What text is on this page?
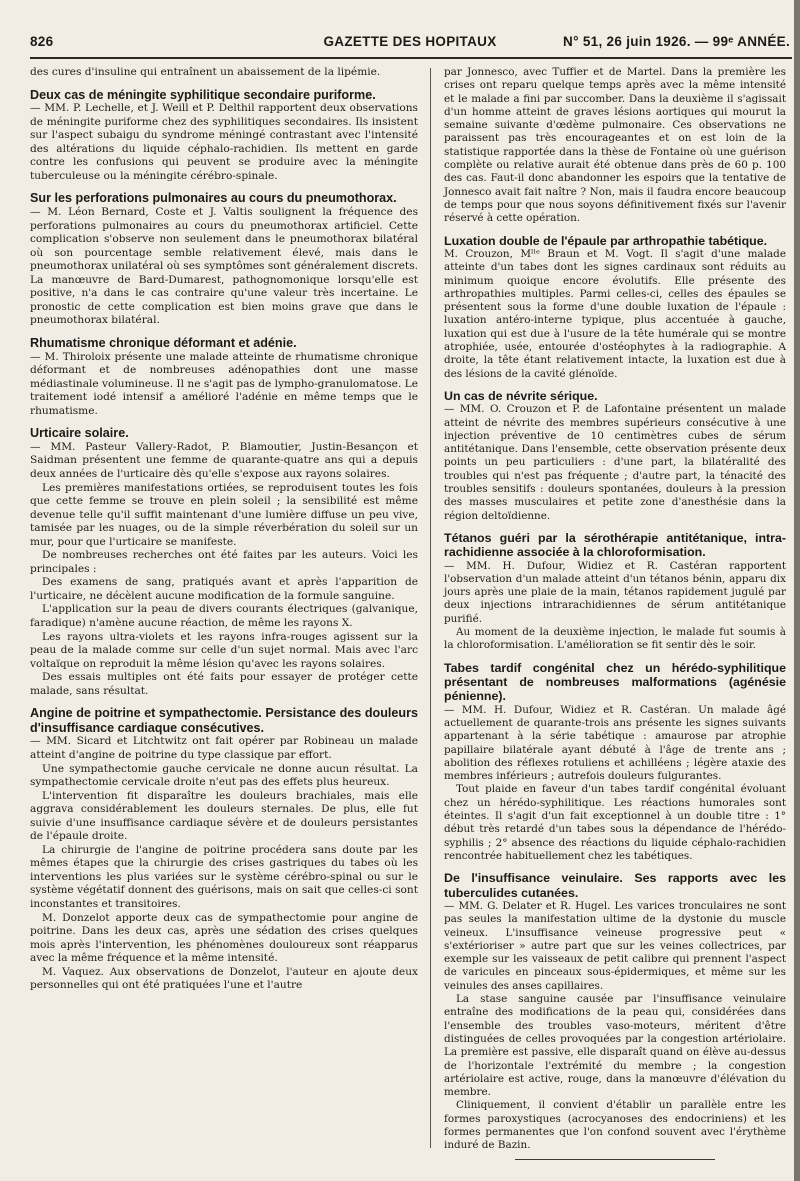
826	GAZETTE DES HOPITAUX	N° 51, 26 juin 1926. — 99ᵉ ANNÉE.

des cures d'insuline qui entraînent un abaissement de la lipémie.

Deux cas de méningite syphilitique secondaire puriforme.

— MM. P. Lechelle, et J. Weill et P. Delthil rapportent deux observations de méningite puriforme chez des syphilitiques secondaires. Ils insistent sur l'aspect subaigu du syndrome méningé contrastant avec l'intensité des altérations du liquide céphalo-rachidien. Ils mettent en garde contre les confusions qui peuvent se produire avec la méningite tuberculeuse ou la méningite cérébro-spinale.

Sur les perforations pulmonaires au cours du pneumothorax.

— M. Léon Bernard, Coste et J. Valtis soulignent la fréquence des perforations pulmonaires au cours du pneumothorax artificiel. Cette complication s'observe non seulement dans le pneumothorax bilatéral où son pourcentage semble relativement élevé, mais dans le pneumothorax unilatéral où ses symptômes sont généralement discrets. La manœuvre de Bard-Dumarest, pathognomonique lorsqu'elle est positive, n'a dans le cas contraire qu'une valeur très incertaine. Le pronostic de cette complication est bien moins grave que dans le pneumothorax bilatéral.

Rhumatisme chronique déformant et adénie.

— M. Thiroloix présente une malade atteinte de rhumatisme chronique déformant et de nombreuses adénopathies dont une masse médiastinale volumineuse. Il ne s'agit pas de lympho-granulomatose. Le traitement iodé intensif a amélioré l'adénie en même temps que le rhumatisme.

Urticaire solaire.

— MM. Pasteur Vallery-Radot, P. Blamoutier, Justin-Besançon et Saidman présentent une femme de quarante-quatre ans qui a depuis deux années de l'urticaire dès qu'elle s'expose aux rayons solaires.

Les premières manifestations ortiées, se reproduisent toutes les fois que cette femme se trouve en plein soleil ; la sensibilité est même devenue telle qu'il suffit maintenant d'une lumière diffuse un peu vive, tamisée par les nuages, ou de la simple réverbération du soleil sur un mur, pour que l'urticaire se manifeste.

De nombreuses recherches ont été faites par les auteurs. Voici les principales :

Des examens de sang, pratiqués avant et après l'apparition de l'urticaire, ne décèlent aucune modification de la formule sanguine.

L'application sur la peau de divers courants électriques (galvanique, faradique) n'amène aucune réaction, de même les rayons X.

Les rayons ultra-violets et les rayons infra-rouges agissent sur la peau de la malade comme sur celle d'un sujet normal. Mais avec l'arc voltaïque on reproduit la même lésion qu'avec les rayons solaires.

Des essais multiples ont été faits pour essayer de protéger cette malade, sans résultat.

Angine de poitrine et sympathectomie. Persistance des douleurs d'insuffisance cardiaque consécutives.

— MM. Sicard et Litchtwitz ont fait opérer par Robineau un malade atteint d'angine de poitrine du type classique par effort.

Une sympathectomie gauche cervicale ne donne aucun résultat. La sympathectomie cervicale droite n'eut pas des effets plus heureux.

L'intervention fit disparaître les douleurs brachiales, mais elle aggrava considérablement les douleurs sternales. De plus, elle fut suivie d'une insuffisance cardiaque sévère et de douleurs persistantes de l'épaule droite.

La chirurgie de l'angine de poitrine procédera sans doute par les mêmes étapes que la chirurgie des crises gastriques du tabes où les interventions les plus variées sur le système cérébro-spinal ou sur le système végétatif donnent des guérisons, mais on sait que celles-ci sont inconstantes et transitoires.

M. Donzelot apporte deux cas de sympathectomie pour angine de poitrine. Dans les deux cas, après une sédation des crises quelques mois après l'intervention, les phénomènes douloureux sont réapparus avec la même fréquence et la même intensité.

M. Vaquez. Aux observations de Donzelot, l'auteur en ajoute deux personnelles qui ont été pratiquées l'une et l'autre

par Jonnesco, avec Tuffier et de Martel. Dans la première les crises ont reparu quelque temps après avec la même intensité et le malade a fini par succomber. Dans la deuxième il s'agissait d'un homme atteint de graves lésions aortiques qui mourut la semaine suivante d'œdème pulmonaire. Ces observations ne paraissent pas très encourageantes et on est loin de la statistique rapportée dans la thèse de Fontaine où une guérison complète ou relative aurait été obtenue dans près de 60 p. 100 des cas. Faut-il donc abandonner les espoirs que la tentative de Jonnesco avait fait naître ? Non, mais il faudra encore beaucoup de temps pour que nous soyons définitivement fixés sur l'avenir réservé à cette opération.

Luxation double de l'épaule par arthropathie tabétique.

M. Crouzon, Mˡˡᵉ Braun et M. Vogt. Il s'agit d'une malade atteinte d'un tabes dont les signes cardinaux sont réduits au minimum quoique encore évolutifs. Elle présente des arthropathies multiples. Parmi celles-ci, celles des épaules se présentent sous la forme d'une double luxation de l'épaule : luxation antéro-interne typique, plus accentuée à gauche, luxation qui est due à l'usure de la tête humérale qui se montre atrophiée, usée, entourée d'ostéophytes à la radiographie. A droite, la tête étant relativement intacte, la luxation est due à des lésions de la cavité glénoïde.

Un cas de névrite sérique.

— MM. O. Crouzon et P. de Lafontaine présentent un malade atteint de névrite des membres supérieurs consécutive à une injection préventive de 10 centimètres cubes de sérum antitétanique. Dans l'ensemble, cette observation présente deux points un peu particuliers : d'une part, la bilatéralité des troubles qui n'est pas fréquente ; d'autre part, la ténacité des troubles sensitifs : douleurs spontanées, douleurs à la pression des masses musculaires et petite zone d'anesthésie dans la région deltoïdienne.

Tétanos guéri par la sérothérapie antitétanique, intra-rachidienne associée à la chloroformisation.

— MM. H. Dufour, Widiez et R. Castéran rapportent l'observation d'un malade atteint d'un tétanos bénin, apparu dix jours après une plaie de la main, tétanos rapidement jugulé par deux injections intrarachidiennes de sérum antitétanique purifié.

Au moment de la deuxième injection, le malade fut soumis à la chloroformisation. L'amélioration se fit sentir dès le soir.

Tabes tardif congénital chez un hérédo-syphilitique présentant de nombreuses malformations (agénésie pénienne).

— MM. H. Dufour, Widiez et R. Castéran. Un malade âgé actuellement de quarante-trois ans présente les signes suivants appartenant à la série tabétique : amaurose par atrophie papillaire bilatérale ayant débuté à l'âge de trente ans ; abolition des réflexes rotuliens et achilléens ; légère ataxie des membres inférieurs ; autrefois douleurs fulgurantes.

Tout plaide en faveur d'un tabes tardif congénital évoluant chez un hérédo-syphilitique. Les réactions humorales sont éteintes. Il s'agit d'un fait exceptionnel à un double titre : 1° début très retardé d'un tabes sous la dépendance de l'hérédo-syphilis ; 2° absence des réactions du liquide céphalo-rachidien rencontrée habituellement chez les tabétiques.

De l'insuffisance veinulaire. Ses rapports avec les tuberculides cutanées.

— MM. G. Delater et R. Hugel. Les varices tronculaires ne sont pas seules la manifestation ultime de la dystonie du muscle veineux. L'insuffisance veineuse progressive peut « s'extérioriser » autre part que sur les veines collectrices, par exemple sur les vaisseaux de petit calibre qui prennent l'aspect de varicules en pinceaux sous-épidermiques, et même sur les veinules des anses capillaires.

La stase sanguine causée par l'insuffisance veinulaire entraîne des modifications de la peau qui, considérées dans l'ensemble des troubles vaso-moteurs, méritent d'être distinguées de celles provoquées par la congestion artériolaire. La première est passive, elle disparaît quand on élève au-dessus de l'horizontale l'extrémité du membre ; la congestion artériolaire est active, rouge, dans la manœuvre d'élévation du membre.

Cliniquement, il convient d'établir un parallèle entre les formes paroxystiques (acrocyanoses des endocriniens) et les formes permanentes que l'on confond souvent avec l'érythème induré de Bazin.
